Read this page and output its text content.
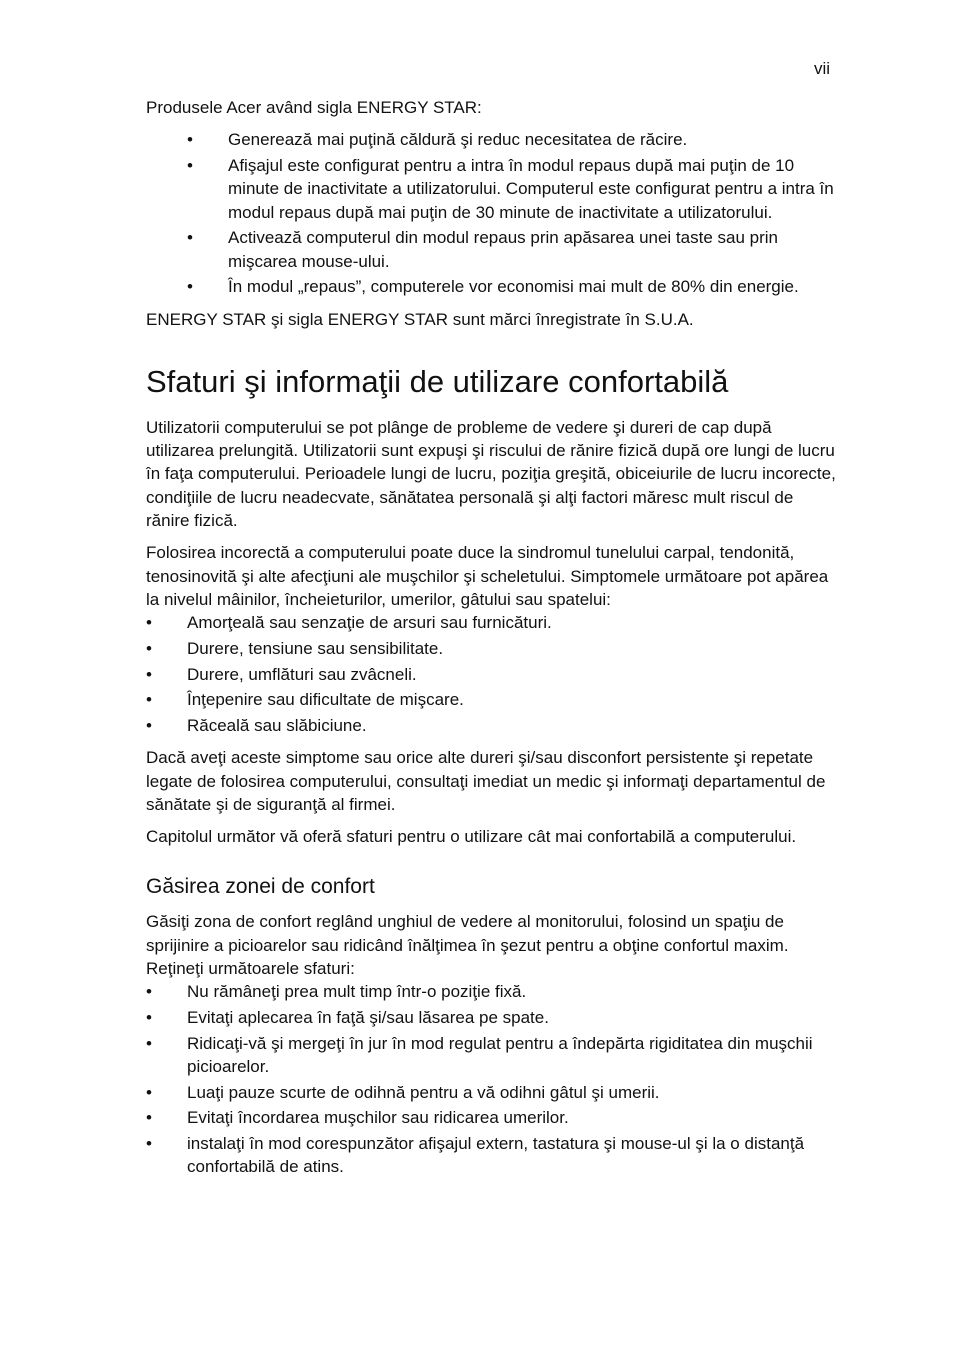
vii

Produsele Acer având sigla ENERGY STAR:

• Generează mai puţină căldură şi reduc necesitatea de răcire.
• Afişajul este configurat pentru a intra în modul repaus după mai puţin de 10 minute de inactivitate a utilizatorului. Computerul este configurat pentru a intra în modul repaus după mai puţin de 30 minute de inactivitate a utilizatorului.
• Activează computerul din modul repaus prin apăsarea unei taste sau prin mişcarea mouse-ului.
• În modul „repaus”, computerele vor economisi mai mult de 80% din energie.

ENERGY STAR şi sigla ENERGY STAR sunt mărci înregistrate în S.U.A.

Sfaturi şi informaţii de utilizare confortabilă

Utilizatorii computerului se pot plânge de probleme de vedere şi dureri de cap după utilizarea prelungită. Utilizatorii sunt expuşi şi riscului de rănire fizică după ore lungi de lucru în faţa computerului. Perioadele lungi de lucru, poziţia greşită, obiceiurile de lucru incorecte, condiţiile de lucru neadecvate, sănătatea personală şi alţi factori măresc mult riscul de rănire fizică.

Folosirea incorectă a computerului poate duce la sindromul tunelului carpal, tendonită, tenosinovită şi alte afecţiuni ale muşchilor şi scheletului. Simptomele următoare pot apărea la nivelul mâinilor, încheieturilor, umerilor, gâtului sau spatelui:

• Amorţeală sau senzaţie de arsuri sau furnicături.
• Durere, tensiune sau sensibilitate.
• Durere, umflături sau zvâcneli.
• Înţepenire sau dificultate de mişcare.
• Răceală sau slăbiciune.

Dacă aveţi aceste simptome sau orice alte dureri şi/sau disconfort persistente şi repetate legate de folosirea computerului, consultaţi imediat un medic şi informaţi departamentul de sănătate şi de siguranţă al firmei.

Capitolul următor vă oferă sfaturi pentru o utilizare cât mai confortabilă a computerului.

Găsirea zonei de confort

Găsiţi zona de confort reglând unghiul de vedere al monitorului, folosind un spaţiu de sprijinire a picioarelor sau ridicând înălţimea în şezut pentru a obţine confortul maxim. Reţineţi următoarele sfaturi:

• Nu rămâneţi prea mult timp într-o poziţie fixă.
• Evitaţi aplecarea în faţă şi/sau lăsarea pe spate.
• Ridicaţi-vă şi mergeţi în jur în mod regulat pentru a îndepărta rigiditatea din muşchii picioarelor.
• Luaţi pauze scurte de odihnă pentru a vă odihni gâtul şi umerii.
• Evitaţi încordarea muşchilor sau ridicarea umerilor.
• instalaţi în mod corespunzător afişajul extern, tastatura şi mouse-ul şi la o distanţă confortabilă de atins.
